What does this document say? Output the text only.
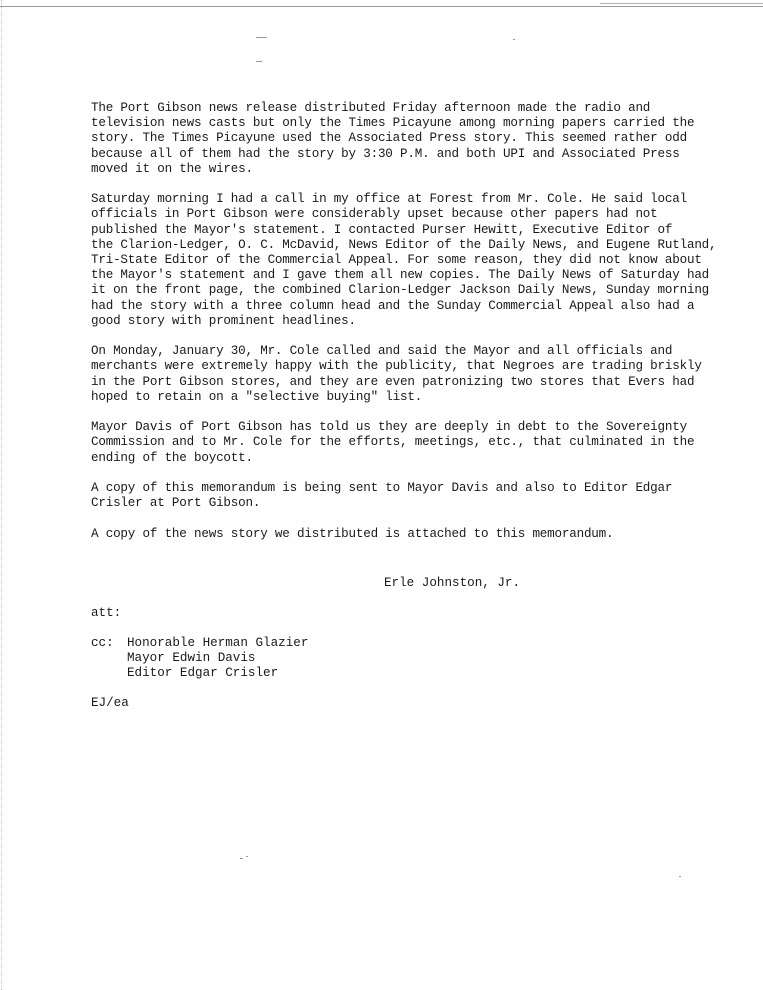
The Port Gibson news release distributed Friday afternoon made the radio and
television news casts but only the Times Picayune among morning papers carried the
story. The Times Picayune used the Associated Press story. This seemed rather odd
because all of them had the story by 3:30 P.M. and both UPI and Associated Press
moved it on the wires.

Saturday morning I had a call in my office at Forest from Mr. Cole. He said local
officials in Port Gibson were considerably upset because other papers had not
published the Mayor's statement. I contacted Purser Hewitt, Executive Editor of
the Clarion-Ledger, O. C. McDavid, News Editor of the Daily News, and Eugene Rutland,
Tri-State Editor of the Commercial Appeal. For some reason, they did not know about
the Mayor's statement and I gave them all new copies. The Daily News of Saturday had
it on the front page, the combined Clarion-Ledger Jackson Daily News, Sunday morning
had the story with a three column head and the Sunday Commercial Appeal also had a
good story with prominent headlines.

On Monday, January 30, Mr. Cole called and said the Mayor and all officials and
merchants were extremely happy with the publicity, that Negroes are trading briskly
in the Port Gibson stores, and they are even patronizing two stores that Evers had
hoped to retain on a "selective buying" list.

Mayor Davis of Port Gibson has told us they are deeply in debt to the Sovereignty
Commission and to Mr. Cole for the efforts, meetings, etc., that culminated in the
ending of the boycott.

A copy of this memorandum is being sent to Mayor Davis and also to Editor Edgar
Crisler at Port Gibson.

A copy of the news story we distributed is attached to this memorandum.

Erle Johnston, Jr.
att:
cc: Honorable Herman Glazier
Mayor Edwin Davis
Editor Edgar Crisler
EJ/ea
